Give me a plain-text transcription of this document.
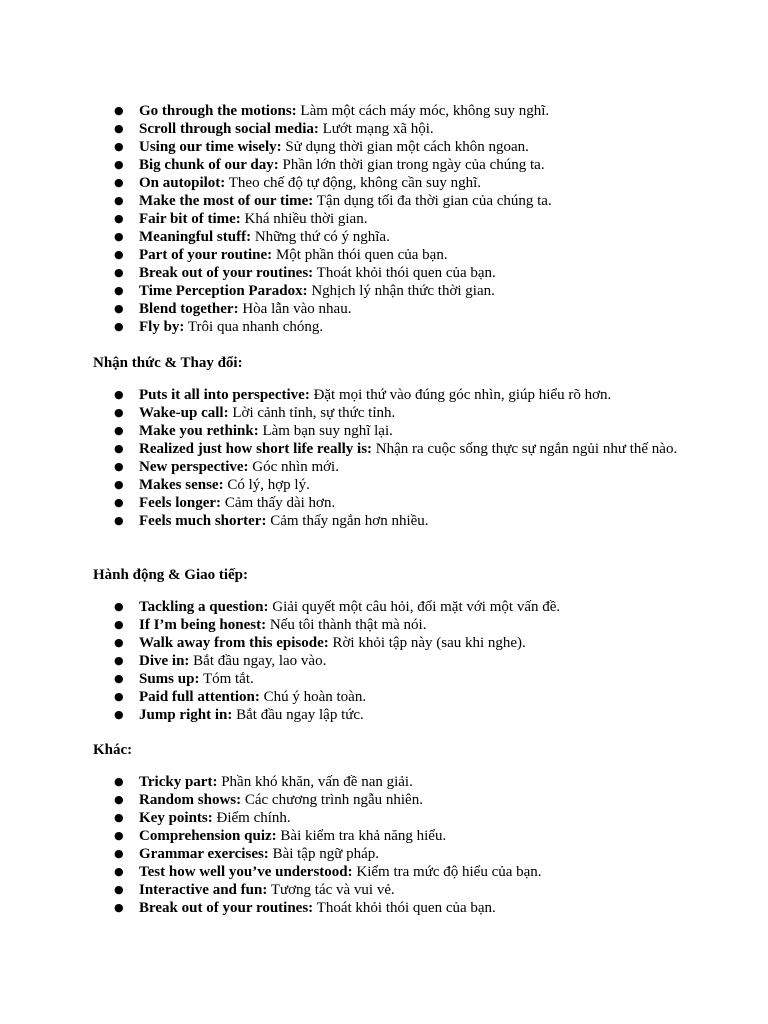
● Go through the motions: Làm một cách máy móc, không suy nghĩ.
● Scroll through social media: Lướt mạng xã hội.
● Using our time wisely: Sử dụng thời gian một cách khôn ngoan.
● Big chunk of our day: Phần lớn thời gian trong ngày của chúng ta.
● On autopilot: Theo chế độ tự động, không cần suy nghĩ.
● Make the most of our time: Tận dụng tối đa thời gian của chúng ta.
● Fair bit of time: Khá nhiều thời gian.
● Meaningful stuff: Những thứ có ý nghĩa.
● Part of your routine: Một phần thói quen của bạn.
● Break out of your routines: Thoát khỏi thói quen của bạn.
● Time Perception Paradox: Nghịch lý nhận thức thời gian.
● Blend together: Hòa lẫn vào nhau.
● Fly by: Trôi qua nhanh chóng.

Nhận thức & Thay đổi:

● Puts it all into perspective: Đặt mọi thứ vào đúng góc nhìn, giúp hiểu rõ hơn.
● Wake-up call: Lời cảnh tỉnh, sự thức tỉnh.
● Make you rethink: Làm bạn suy nghĩ lại.
● Realized just how short life really is: Nhận ra cuộc sống thực sự ngắn ngủi như thế nào.
● New perspective: Góc nhìn mới.
● Makes sense: Có lý, hợp lý.
● Feels longer: Cảm thấy dài hơn.
● Feels much shorter: Cảm thấy ngắn hơn nhiều.

Hành động & Giao tiếp:

● Tackling a question: Giải quyết một câu hỏi, đối mặt với một vấn đề.
● If I’m being honest: Nếu tôi thành thật mà nói.
● Walk away from this episode: Rời khỏi tập này (sau khi nghe).
● Dive in: Bắt đầu ngay, lao vào.
● Sums up: Tóm tắt.
● Paid full attention: Chú ý hoàn toàn.
● Jump right in: Bắt đầu ngay lập tức.

Khác:

● Tricky part: Phần khó khăn, vấn đề nan giải.
● Random shows: Các chương trình ngẫu nhiên.
● Key points: Điểm chính.
● Comprehension quiz: Bài kiểm tra khả năng hiểu.
● Grammar exercises: Bài tập ngữ pháp.
● Test how well you’ve understood: Kiểm tra mức độ hiểu của bạn.
● Interactive and fun: Tương tác và vui vẻ.
● Break out of your routines: Thoát khỏi thói quen của bạn.
